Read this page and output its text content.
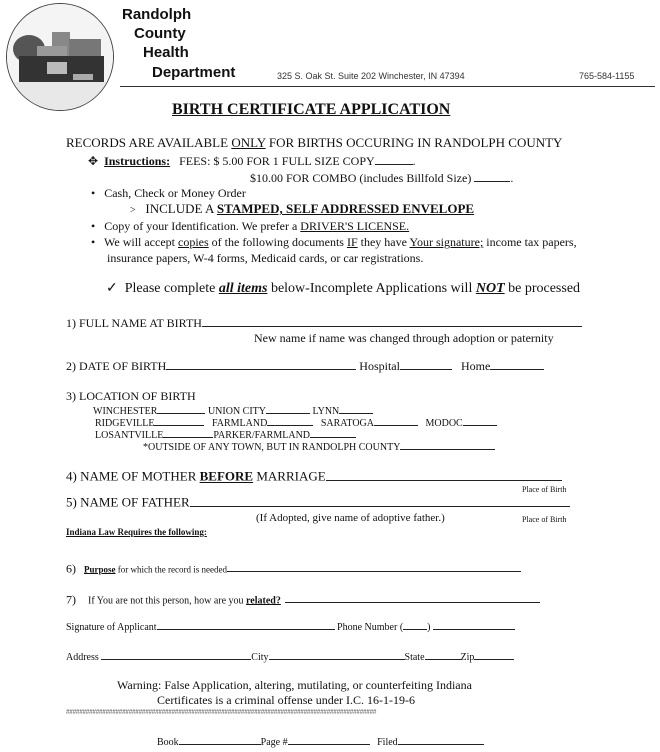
Randolph
County
Health
Department	325 S. Oak St. Suite 202 Winchester, IN 47394	765-584-1155
BIRTH CERTIFICATE APPLICATION
RECORDS ARE AVAILABLE ONLY FOR BIRTHS OCCURING IN RANDOLPH COUNTY
✥ Instructions: FEES: $ 5.00 FOR 1 FULL SIZE COPY	.
$10.00 FOR COMBO (includes Billfold Size)	.
• Cash, Check or Money Order
> INCLUDE A STAMPED, SELF ADDRESSED ENVELOPE
• Copy of your Identification. We prefer a DRIVER'S LICENSE.
• We will accept copies of the following documents IF they have Your signature; income tax papers,
insurance papers, W-4 forms, Medicaid cards, or car registrations.
✓ Please complete all items below-Incomplete Applications will NOT be processed
1) FULL NAME AT BIRTH
New name if name was changed through adoption or paternity
2) DATE OF BIRTH	Hospital	Home
3) LOCATION OF BIRTH
WINCHESTER	UNION CITY	LYNN
RIDGEVILLE	FARMLAND	SARATOGA	MODOC
LOSANTVILLE	PARKER/FARMLAND
*OUTSIDE OF ANY TOWN, BUT IN RANDOLPH COUNTY
4) NAME OF MOTHER BEFORE MARRIAGE
Place of Birth
5) NAME OF FATHER
(If Adopted, give name of adoptive father.)	Place of Birth
Indiana Law Requires the following:
6) Purpose for which the record is needed
7) If You are not this person, how are you related?
Signature of Applicant	Phone Number ( )
Address	City	State	Zip
Warning: False Application, altering, mutilating, or counterfeiting Indiana
Certificates is a criminal offense under I.C. 16-1-19-6
##############################################################################################
Book	Page #	Filed
